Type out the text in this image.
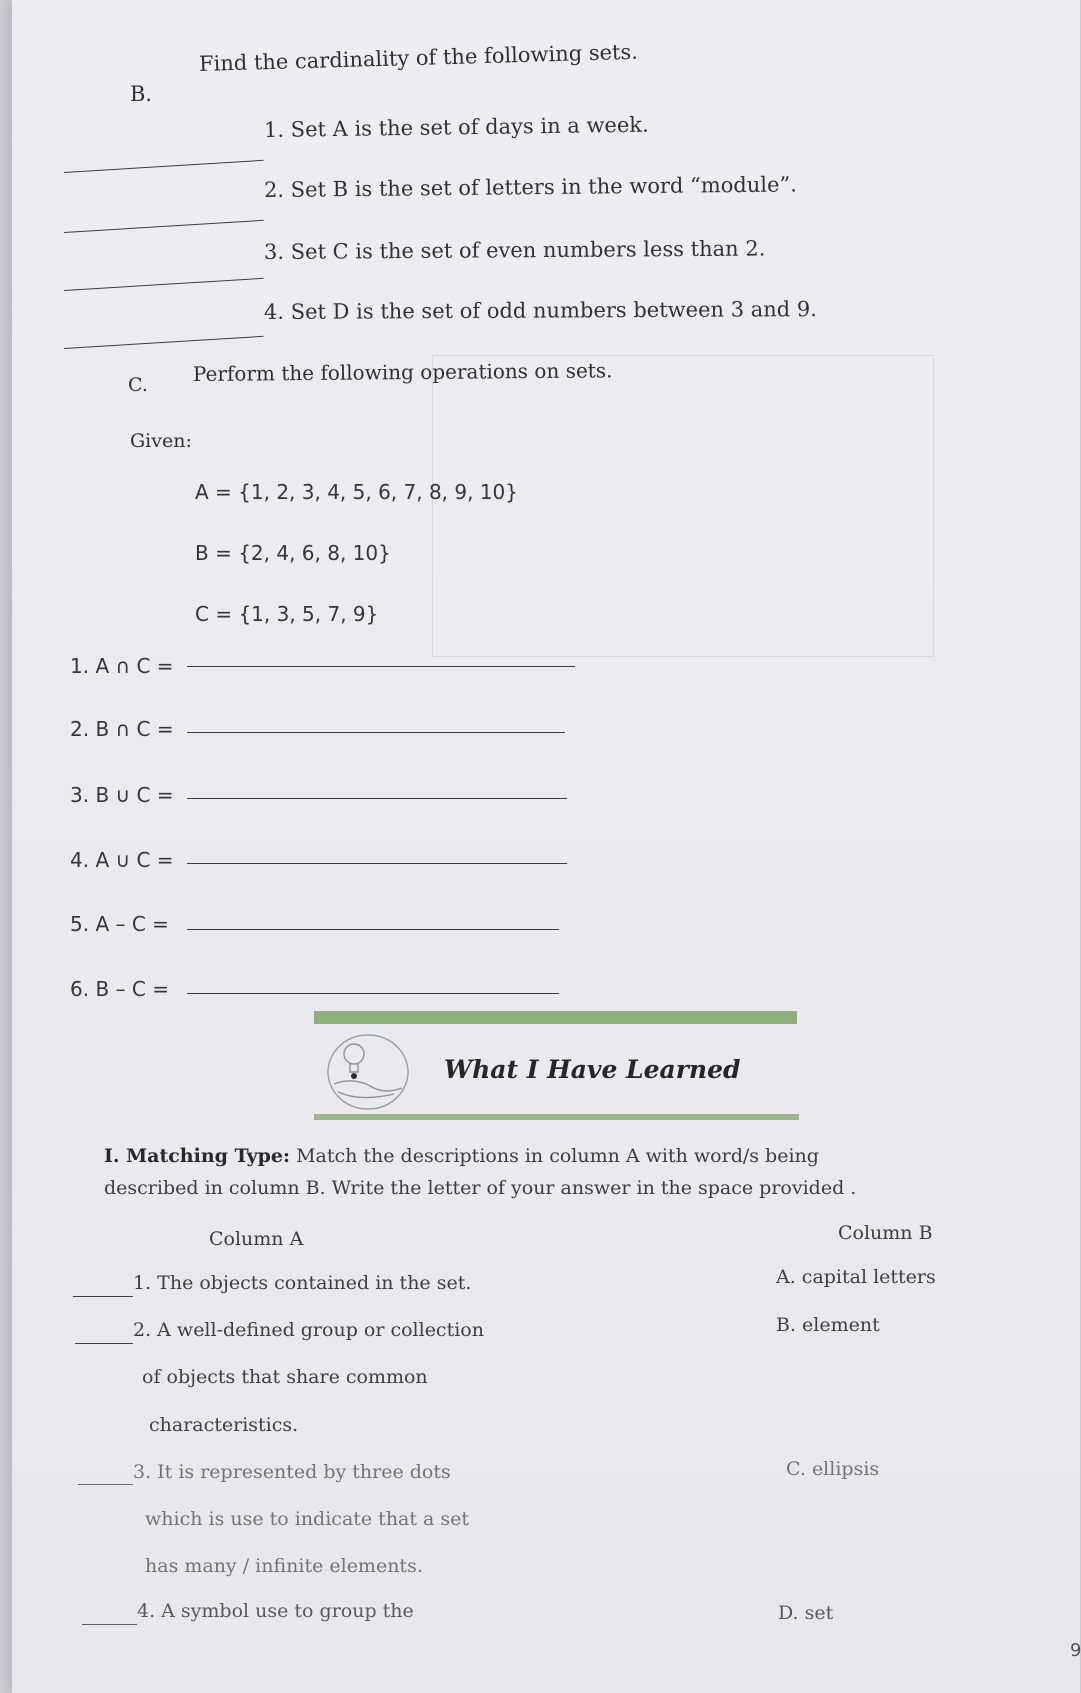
B.
Find the cardinality of the following sets.
1. Set A is the set of days in a week.
2. Set B is the set of letters in the word “module”.
3. Set C is the set of even numbers less than 2.
4. Set D is the set of odd numbers between 3 and 9.
C. Perform the following operations on sets.
Given:
A = {1, 2, 3, 4, 5, 6, 7, 8, 9, 10}
B = {2, 4, 6, 8, 10}
C = {1, 3, 5, 7, 9}
1. A ∩ C =
2. B ∩ C =
3. B ∪ C =
4. A ∪ C =
5. A – C =
6. B – C =
What I Have Learned
I. Matching Type: Match the descriptions in column A with word/s being
described in column B. Write the letter of your answer in the space provided .
Column A	Column B
1. The objects contained in the set.
2. A well-defined group or collection
of objects that share common
characteristics.
3. It is represented by three dots
which is use to indicate that a set
has many / infinite elements.
4. A symbol use to group the
A. capital letters
B. element
C. ellipsis
D. set
9
